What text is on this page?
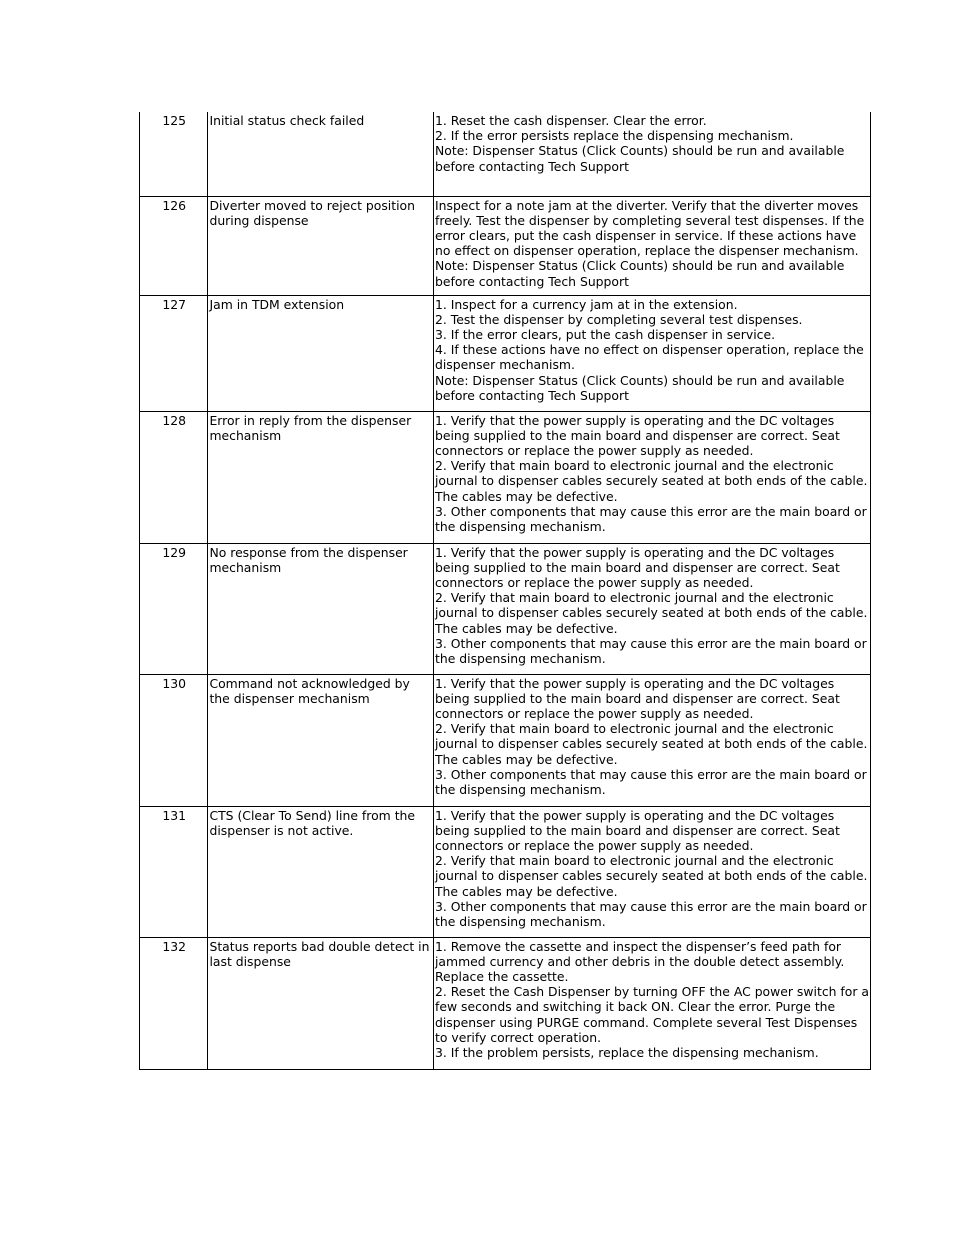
125	Initial status check failed	1. Reset the cash dispenser. Clear the error.

2. If the error persists replace the dispensing mechanism.

Note: Dispenser Status (Click Counts) should be run and available before contacting Tech Support

126	Diverter moved to reject position during dispense	Inspect for a note jam at the diverter. Verify that the diverter moves freely. Test the dispenser by completing several test dispenses. If the error clears, put the cash dispenser in service. If these actions have no effect on dispenser operation, replace the dispenser mechanism. Note: Dispenser Status (Click Counts) should be run and available before contacting Tech Support

127	Jam in TDM extension	1. Inspect for a currency jam at in the extension.

2. Test the dispenser by completing several test dispenses.

3. If the error clears, put the cash dispenser in service.

4. If these actions have no effect on dispenser operation, replace the dispenser mechanism.

Note: Dispenser Status (Click Counts) should be run and available before contacting Tech Support

128	Error in reply from the dispenser mechanism	1. Verify that the power supply is operating and the DC voltages being supplied to the main board and dispenser are correct. Seat connectors or replace the power supply as needed.

2. Verify that main board to electronic journal and the electronic journal to dispenser cables securely seated at both ends of the cable. The cables may be defective.

3. Other components that may cause this error are the main board or the dispensing mechanism.

129	No response from the dispenser mechanism	1. Verify that the power supply is operating and the DC voltages being supplied to the main board and dispenser are correct. Seat connectors or replace the power supply as needed.

2. Verify that main board to electronic journal and the electronic journal to dispenser cables securely seated at both ends of the cable. The cables may be defective.

3. Other components that may cause this error are the main board or the dispensing mechanism.

130	Command not acknowledged by the dispenser mechanism	1. Verify that the power supply is operating and the DC voltages being supplied to the main board and dispenser are correct. Seat connectors or replace the power supply as needed.

2. Verify that main board to electronic journal and the electronic journal to dispenser cables securely seated at both ends of the cable. The cables may be defective.

3. Other components that may cause this error are the main board or the dispensing mechanism.

131	CTS (Clear To Send) line from the dispenser is not active.	1. Verify that the power supply is operating and the DC voltages being supplied to the main board and dispenser are correct. Seat connectors or replace the power supply as needed.

2. Verify that main board to electronic journal and the electronic journal to dispenser cables securely seated at both ends of the cable. The cables may be defective.

3. Other components that may cause this error are the main board or the dispensing mechanism.

132	Status reports bad double detect in last dispense	1. Remove the cassette and inspect the dispenser’s feed path for jammed currency and other debris in the double detect assembly. Replace the cassette.

2. Reset the Cash Dispenser by turning OFF the AC power switch for a few seconds and switching it back ON. Clear the error. Purge the dispenser using PURGE command. Complete several Test Dispenses to verify correct operation.

3. If the problem persists, replace the dispensing mechanism.
